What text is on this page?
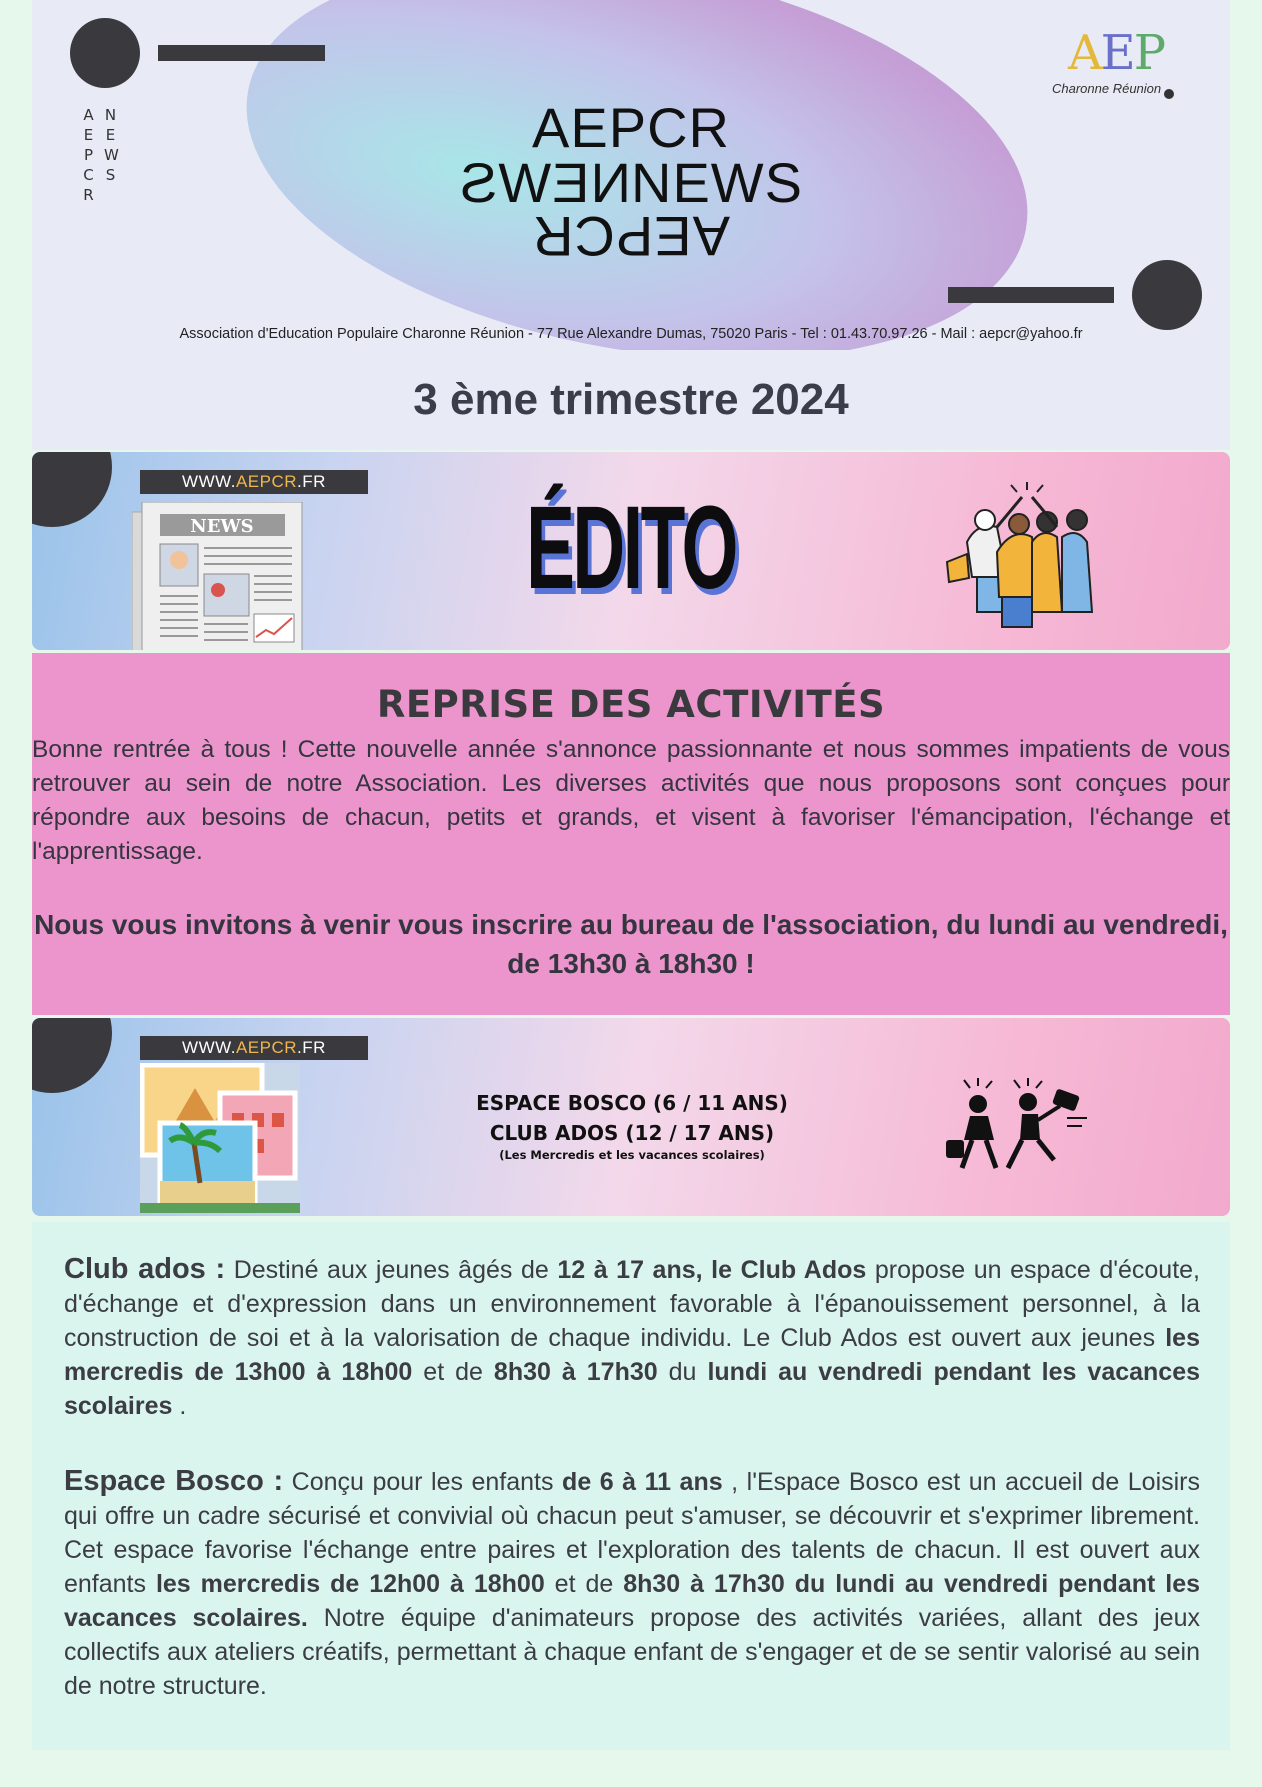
A
E
P
C
R
N
E
W
S
AEPCR
NEWSNEWS
AEPCR
AEP
Charonne Réunion
Association d'Education Populaire Charonne Réunion - 77 Rue Alexandre Dumas, 75020 Paris - Tel : 01.43.70.97.26 - Mail : aepcr@yahoo.fr
3 ème trimestre 2024
WWW.AEPCR.FR
NEWS	ÉDITO
REPRISE DES ACTIVITÉS

Bonne rentrée à tous ! Cette nouvelle année s'annonce passionnante et nous sommes impatients de vous retrouver au sein de notre Association. Les diverses activités que nous proposons sont conçues pour répondre aux besoins de chacun, petits et grands, et visent à favoriser l'émancipation, l'échange et l'apprentissage.

Nous vous invitons à venir vous inscrire au bureau de l'association, du lundi au vendredi, de 13h30 à 18h30 !

WWW.AEPCR.FR
ESPACE BOSCO (6 / 11 ANS)
CLUB ADOS (12 / 17 ANS)
(Les Mercredis et les vacances scolaires)

Club ados : Destiné aux jeunes âgés de 12 à 17 ans, le Club Ados propose un espace d'écoute, d'échange et d'expression dans un environnement favorable à l'épanouissement personnel, à la construction de soi et à la valorisation de chaque individu. Le Club Ados est ouvert aux jeunes les mercredis de 13h00 à 18h00 et de 8h30 à 17h30 du lundi au vendredi pendant les vacances scolaires .

Espace Bosco : Conçu pour les enfants de 6 à 11 ans , l'Espace Bosco est un accueil de Loisirs qui offre un cadre sécurisé et convivial où chacun peut s'amuser, se découvrir et s'exprimer librement. Cet espace favorise l'échange entre paires et l'exploration des talents de chacun. Il est ouvert aux enfants les mercredis de 12h00 à 18h00 et de 8h30 à 17h30 du lundi au vendredi pendant les vacances scolaires. Notre équipe d'animateurs propose des activités variées, allant des jeux collectifs aux ateliers créatifs, permettant à chaque enfant de s'engager et de se sentir valorisé au sein de notre structure.
